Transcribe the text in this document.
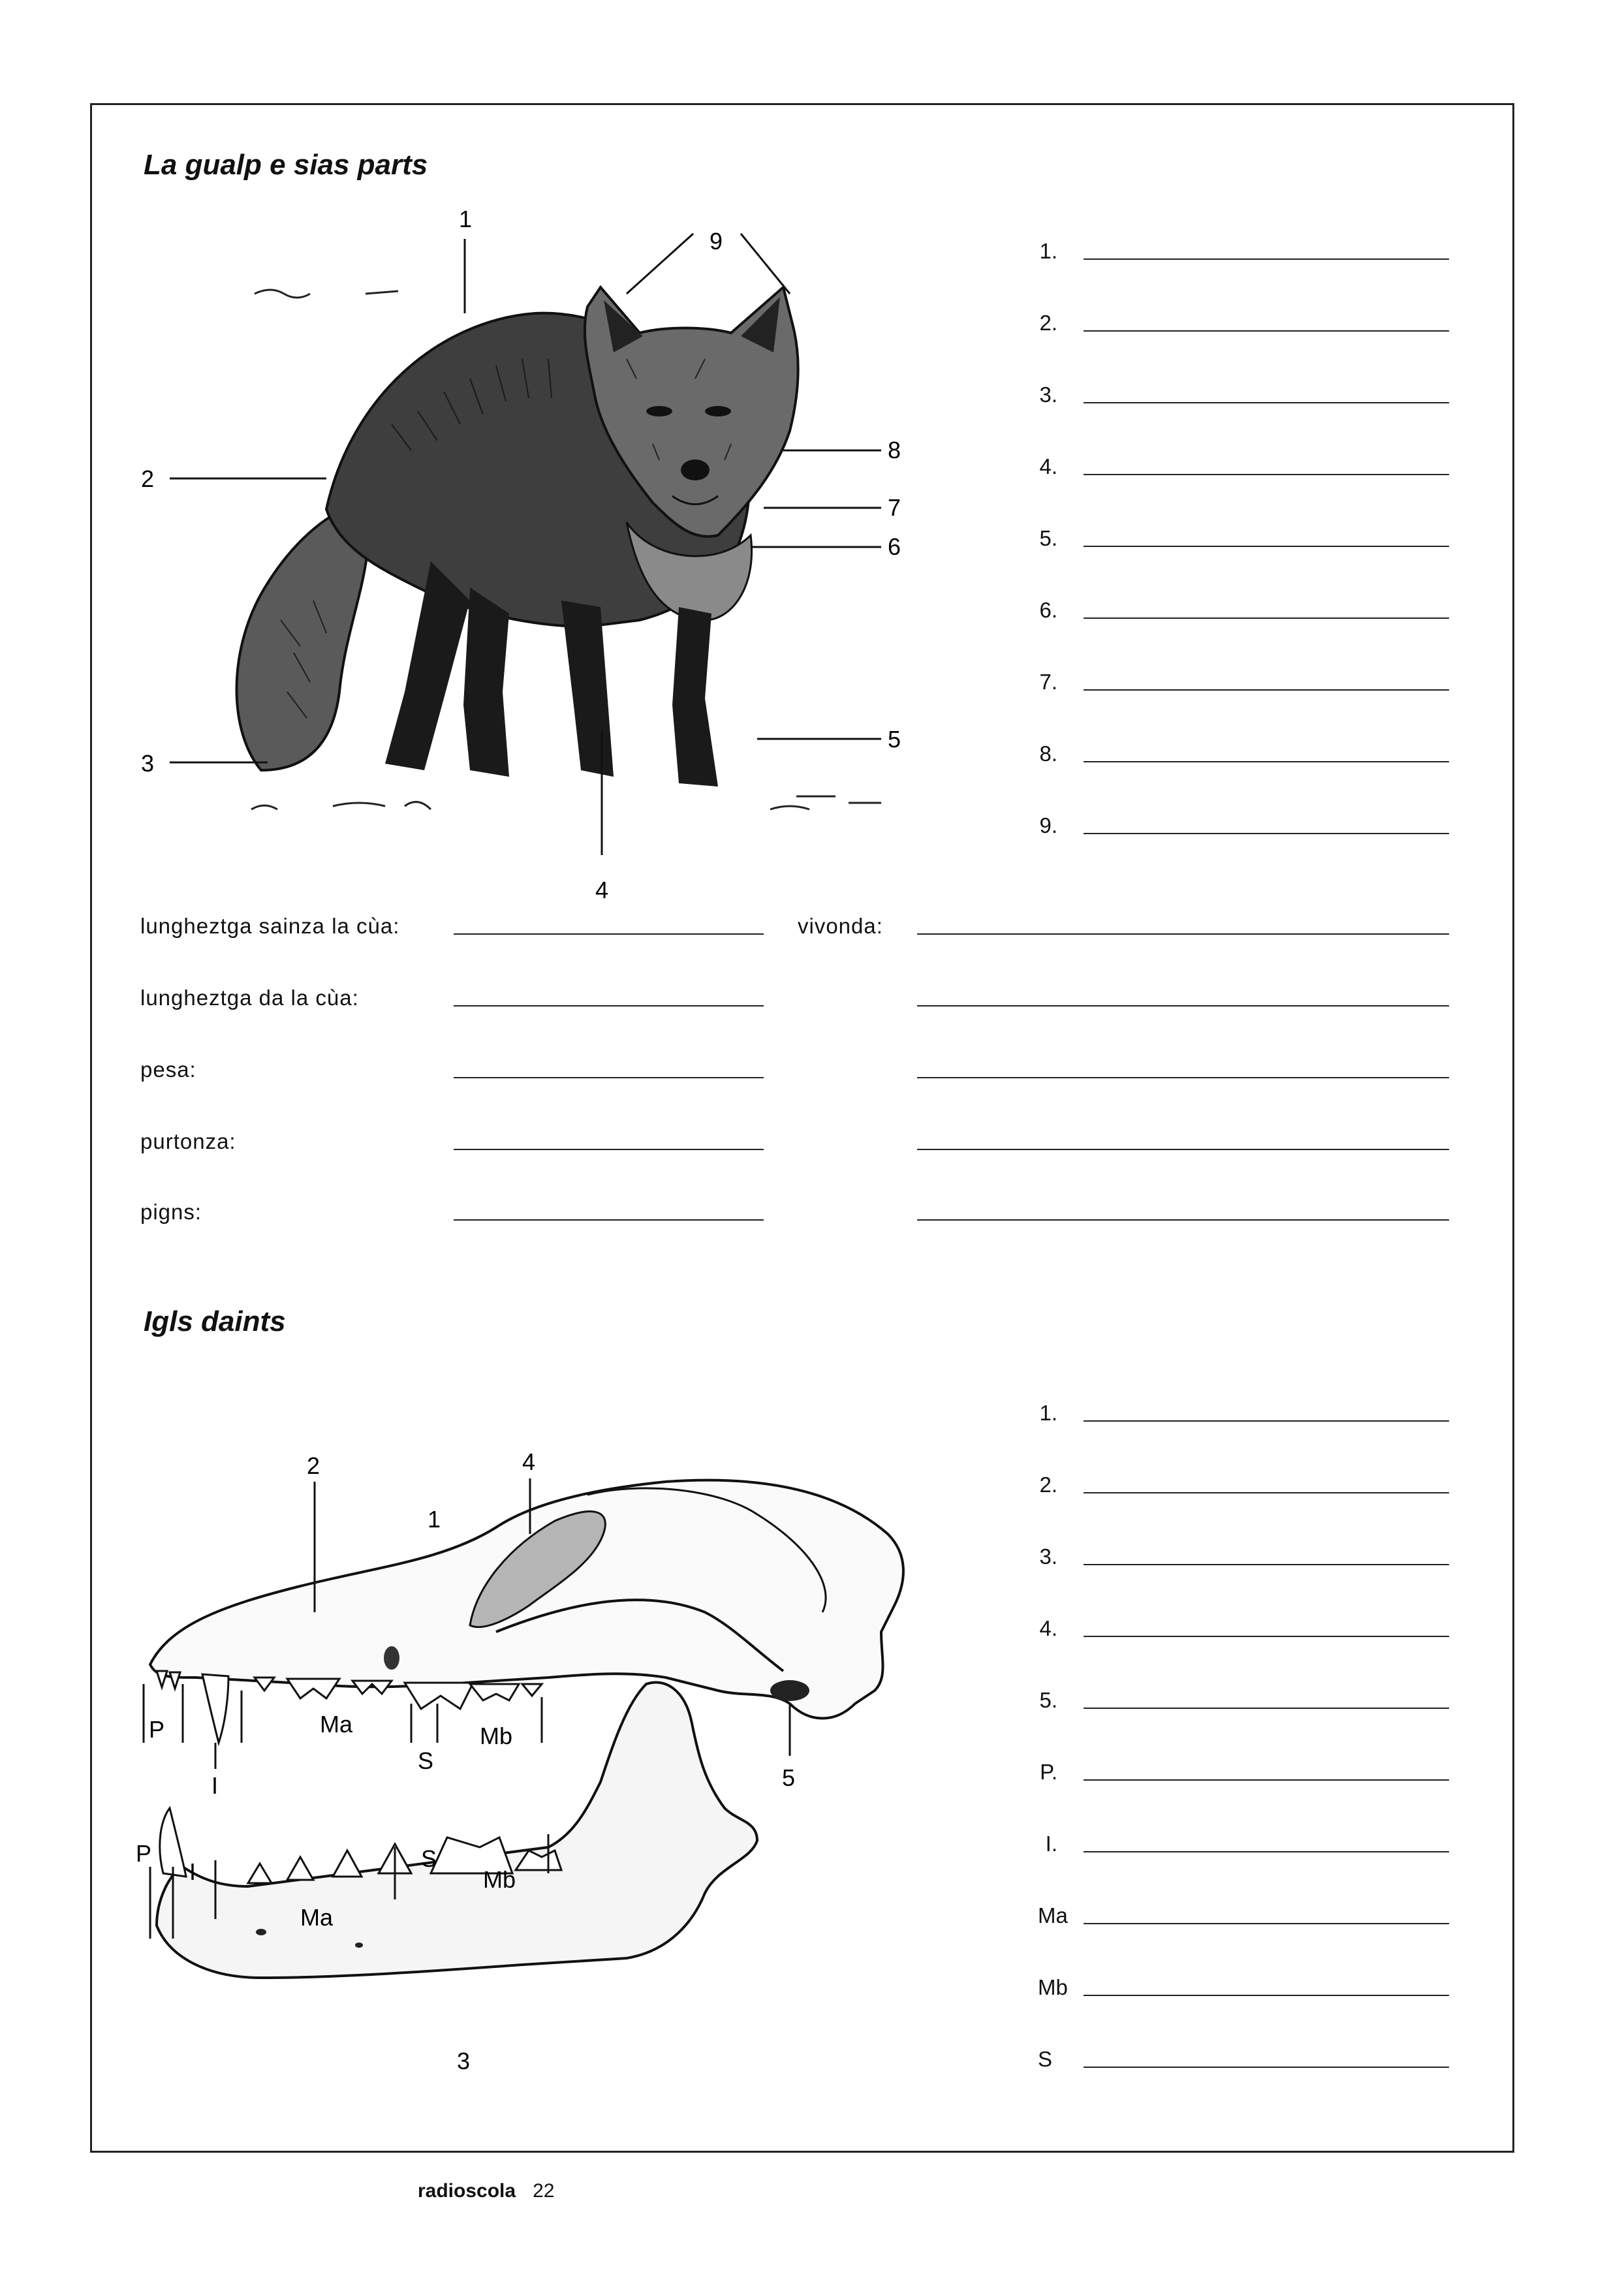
La gualp e sias parts
1
2
3
4
5
6
7
8
9	1.
2.
3.
4.
5.
6.
7.
8.
9.
lungheztga sainza la cùa:	vivonda:
lungheztga da la cùa:
pesa:
purtonza:
pigns:
Igls daints
1
2
3
4
5
P
I
Ma
S
Mb
P
I
Ma
S
Mb
1.
2.
3.
4.
5.
P.
I.
Ma
Mb
S
radioscola 22
